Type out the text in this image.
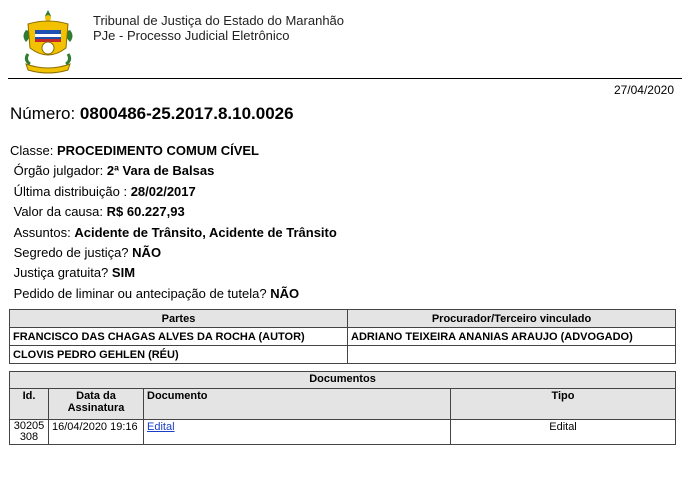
Tribunal de Justiça do Estado do Maranhão
PJe - Processo Judicial Eletrônico
27/04/2020
Número: 0800486-25.2017.8.10.0026
Classe: PROCEDIMENTO COMUM CÍVEL
Órgão julgador: 2ª Vara de Balsas
Última distribuição : 28/02/2017
Valor da causa: R$ 60.227,93
Assuntos: Acidente de Trânsito, Acidente de Trânsito
Segredo de justiça? NÃO
Justiça gratuita? SIM
Pedido de liminar ou antecipação de tutela? NÃO
Partes	Procurador/Terceiro vinculado
FRANCISCO DAS CHAGAS ALVES DA ROCHA (AUTOR)	ADRIANO TEIXEIRA ANANIAS ARAUJO (ADVOGADO)
CLOVIS PEDRO GEHLEN (RÉU)	
Documentos			
Id.	Data da Assinatura	Documento	Tipo
30205308	16/04/2020 19:16	Edital	Edital
